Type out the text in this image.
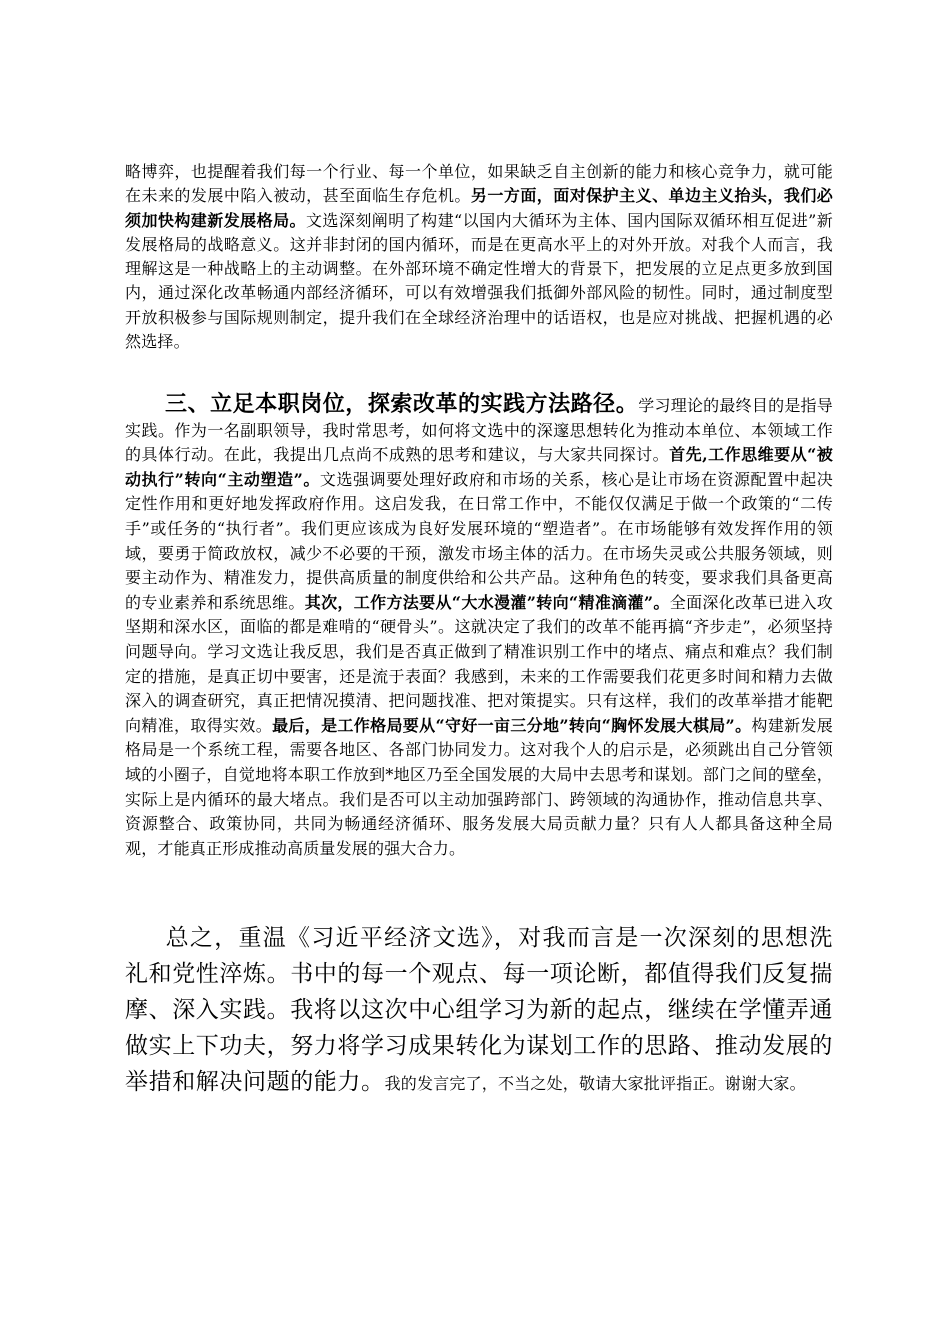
略博弈，也提醒着我们每一个行业、每一个单位，如果缺乏自主创新的能力和核心竞争力，就可能在未来的发展中陷入被动，甚至面临生存危机。另一方面，面对保护主义、单边主义抬头，我们必须加快构建新发展格局。文选深刻阐明了构建“以国内大循环为主体、国内国际双循环相互促进”新发展格局的战略意义。这并非封闭的国内循环，而是在更高水平上的对外开放。对我个人而言，我理解这是一种战略上的主动调整。在外部环境不确定性增大的背景下，把发展的立足点更多放到国内，通过深化改革畅通内部经济循环，可以有效增强我们抵御外部风险的韧性。同时，通过制度型开放积极参与国际规则制定，提升我们在全球经济治理中的话语权，也是应对挑战、把握机遇的必然选择。

三、立足本职岗位，探索改革的实践方法路径。学习理论的最终目的是指导实践。作为一名副职领导，我时常思考，如何将文选中的深邃思想转化为推动本单位、本领域工作的具体行动。在此，我提出几点尚不成熟的思考和建议，与大家共同探讨。首先,工作思维要从“被动执行”转向“主动塑造”。文选强调要处理好政府和市场的关系，核心是让市场在资源配置中起决定性作用和更好地发挥政府作用。这启发我，在日常工作中，不能仅仅满足于做一个政策的“二传手”或任务的“执行者”。我们更应该成为良好发展环境的“塑造者”。在市场能够有效发挥作用的领域，要勇于简政放权，减少不必要的干预，激发市场主体的活力。在市场失灵或公共服务领域，则要主动作为、精准发力，提供高质量的制度供给和公共产品。这种角色的转变，要求我们具备更高的专业素养和系统思维。其次，工作方法要从“大水漫灌”转向“精准滴灌”。全面深化改革已进入攻坚期和深水区，面临的都是难啃的“硬骨头”。这就决定了我们的改革不能再搞“齐步走”，必须坚持问题导向。学习文选让我反思，我们是否真正做到了精准识别工作中的堵点、痛点和难点？我们制定的措施，是真正切中要害，还是流于表面？我感到，未来的工作需要我们花更多时间和精力去做深入的调查研究，真正把情况摸清、把问题找准、把对策提实。只有这样，我们的改革举措才能靶向精准，取得实效。最后，是工作格局要从“守好一亩三分地”转向“胸怀发展大棋局”。构建新发展格局是一个系统工程，需要各地区、各部门协同发力。这对我个人的启示是，必须跳出自己分管领域的小圈子，自觉地将本职工作放到*地区乃至全国发展的大局中去思考和谋划。部门之间的壁垒，实际上是内循环的最大堵点。我们是否可以主动加强跨部门、跨领域的沟通协作，推动信息共享、资源整合、政策协同，共同为畅通经济循环、服务发展大局贡献力量？只有人人都具备这种全局观，才能真正形成推动高质量发展的强大合力。

总之，重温《习近平经济文选》，对我而言是一次深刻的思想洗礼和党性淬炼。书中的每一个观点、每一项论断，都值得我们反复揣摩、深入实践。我将以这次中心组学习为新的起点，继续在学懂弄通做实上下功夫，努力将学习成果转化为谋划工作的思路、推动发展的举措和解决问题的能力。我的发言完了，不当之处，敬请大家批评指正。谢谢大家。
